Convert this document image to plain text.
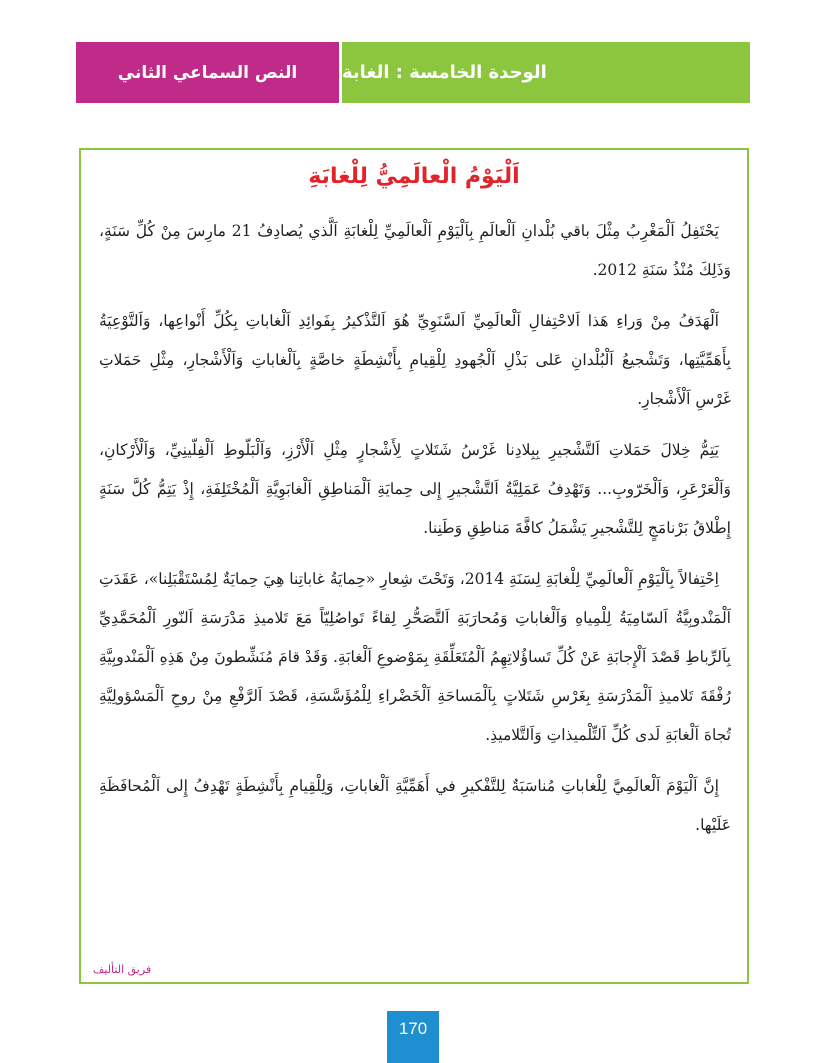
النص السماعي الثاني	الوحدة الخامسة : الغابة
اَلْيَوْمُ الْعالَمِيُّ لِلْغابَةِ

يَحْتَفِلُ اَلْمَغْرِبُ مِثْلَ باقي بُلْدانِ اَلْعالَمِ بِاَلْيَوْمِ اَلْعالَمِيِّ لِلْغابَةِ اَلَّذي يُصادِفُ 21 مارِسَ مِنْ كُلِّ سَنَةٍ، وَذَلِكَ مُنْذُ سَنَةِ 2012.

اَلْهَدَفُ مِنْ وَراءِ هَذا اَلاحْتِفالِ اَلْعالَمِيِّ اَلسَّنَوِيِّ هُوَ اَلتَّذْكيرُ بِفَوائِدِ اَلْغاباتِ بِكُلِّ أَنْواعِها، وَاَلتَّوْعِيَةُ بِأَهَمِّيَّتِها، وَتَشْجيعُ اَلْبُلْدانِ عَلى بَذْلِ اَلْجُهودِ لِلْقِيامِ بِأَنْشِطَةٍ خاصَّةٍ بِاَلْغاباتِ وَاَلْأَشْجارِ، مِثْلِ حَمَلاتِ غَرْسِ اَلْأَشْجارِ.

يَتِمُّ خِلالَ حَمَلاتِ اَلتَّشْجيرِ بِبِلادِنا غَرْسُ شَتَلاتٍ لِأَشْجارٍ مِثْلِ اَلْأَرْزِ، وَاَلْبَلّوطِ اَلْفِلّينِيِّ، وَاَلْأَرْكانِ، وَاَلْعَرْعَرِ، وَاَلْخَرّوبِ... وَتَهْدِفُ عَمَلِيَّةُ اَلتَّشْجيرِ إِلى حِمايَةِ اَلْمَناطِقِ اَلْغابَوِيَّةِ اَلْمُخْتَلِفَةِ، إِذْ يَتِمُّ كُلَّ سَنَةٍ إِطْلاقُ بَرْنامَجٍ لِلتَّشْجيرِ يَشْمَلُ كافَّةَ مَناطِقِ وَطَنِنا.

اِحْتِفالاً بِاَلْيَوْمِ اَلْعالَمِيِّ لِلْغابَةِ لِسَنَةِ 2014، وَتَحْتَ شِعارِ «حِمايَةُ غاباتِنا هِيَ حِمايَةٌ لِمُسْتَقْبَلِنا»، عَقَدَتِ اَلْمَنْدوبِيَّةُ اَلسّامِيَةُ لِلْمِياهِ وَاَلْغاباتِ وَمُحارَبَةِ اَلتَّصَحُّرِ لِقاءً تَواصُلِيّاً مَعَ تَلاميذِ مَدْرَسَةِ اَلنّورِ اَلْمُحَمَّدِيِّ بِاَلرِّباطِ قَصْدَ اَلْإِجابَةِ عَنْ كُلِّ تَساؤُلاتِهِمُ اَلْمُتَعَلِّقَةِ بِمَوْضوعِ اَلْغابَةِ. وَقَدْ قامَ مُنَشِّطونَ مِنْ هَذِهِ اَلْمَنْدوبِيَّةِ رُفْقَةَ تَلاميذِ اَلْمَدْرَسَةِ بِغَرْسِ شَتَلاتٍ بِاَلْمَساحَةِ اَلْخَضْراءِ لِلْمُؤَسَّسَةِ، قَصْدَ اَلرَّفْعِ مِنْ روحِ اَلْمَسْؤولِيَّةِ تُجاهَ اَلْغابَةِ لَدى كُلِّ اَلتِّلْميذاتِ وَاَلتَّلاميذِ.

إِنَّ اَلْيَوْمَ اَلْعالَمِيَّ لِلْغاباتِ مُناسَبَةٌ لِلتَّفْكيرِ في أَهَمِّيَّةِ اَلْغاباتِ، وَلِلْقِيامِ بِأَنْشِطَةٍ تَهْدِفُ إِلى اَلْمُحافَظَةِ عَلَيْها.

فريق التأليف
170
